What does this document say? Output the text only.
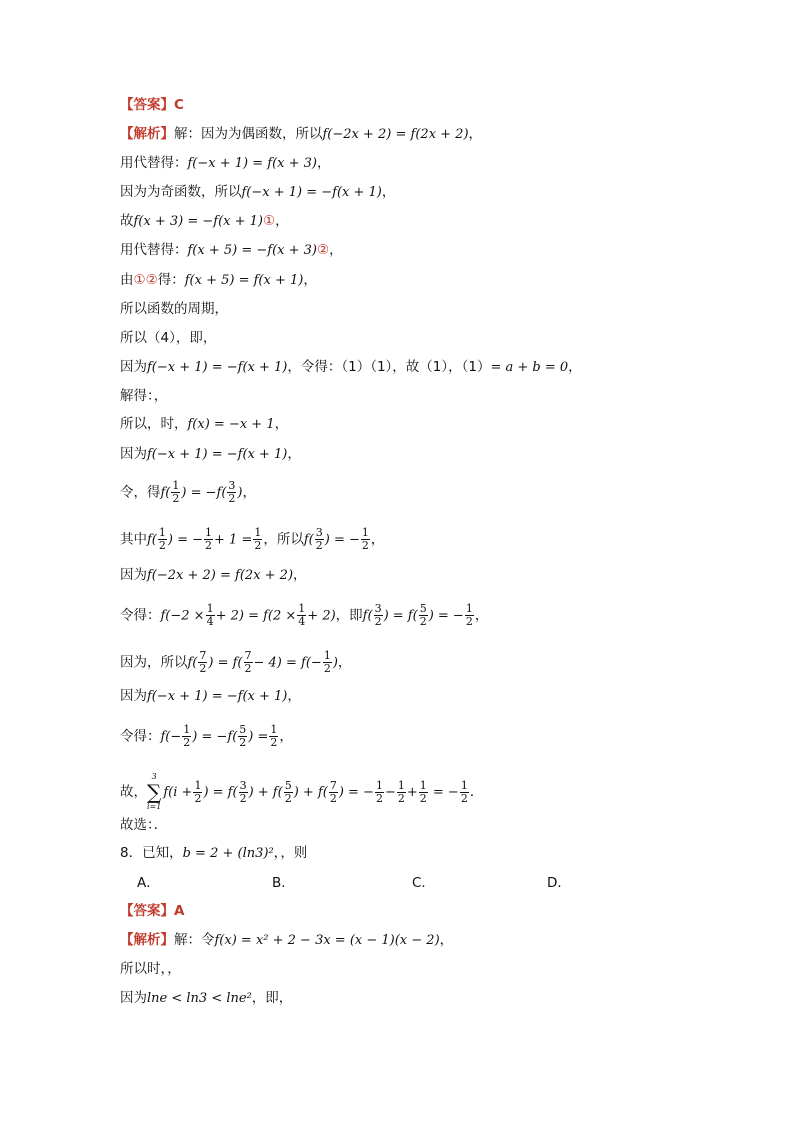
【答案】C
【解析】解：因为为偶函数，所以f(−2x + 2) = f(2x + 2)，
用代替得：f(−x + 1) = f(x + 3)，
因为为奇函数，所以f(−x + 1) = −f(x + 1)，
故f(x + 3) = −f(x + 1)①，
用代替得：f(x + 5) = −f(x + 3)②，
由①②得：f(x + 5) = f(x + 1)，
所以函数的周期，
所以（4），即，
因为f(−x + 1) = −f(x + 1)，令得：（1）（1），故（1），（1）= a + b = 0，
解得：，
所以，时，f(x) = −x + 1，
因为f(−x + 1) = −f(x + 1)，
令，得$f( \frac{1}{2}$ ) = $-f( \frac{3}{2}$ )，
其中$f( \frac{1}{2}$ ) = − $\frac{1}{2} + 1 = \frac{1}{2}$ ，所以$f( \frac{3}{2}$ ) = − $\frac{1}{2}$ ，
因为f(−2x + 2) = f(2x + 2)，
令得：$f(-2 \times \frac{1}{4} + 2) = f(2 \times \frac{1}{4} + 2)$，即$f( \frac{3}{2}$ ) = $f( \frac{5}{2}$ ) = − $\frac{1}{2}$ ，
因为，所以$f( \frac{7}{2}$ ) = $f( \frac{7}{2} - 4) = f(- \frac{1}{2}$ )，
因为f(−x + 1) = −f(x + 1)，
令得：$f(- \frac{1}{2}$ ) = $-f( \frac{5}{2}$ ) = $\frac{1}{2}$ ，
故，
3
∑
i=1
$f(i + \frac{1}{2}$ ) = $f( \frac{3}{2}$ ) + $f( \frac{5}{2}$ ) + $f( \frac{7}{2}$ ) = − $\frac{1}{2} - \frac{1}{2} + \frac{1}{2}$ = − $\frac{1}{2}$ ．
故选：．
8．已知，b = 2 + (ln3)²，，则
A．	B．	C．	D．
【答案】A
【解析】解：令f(x) = x² + 2 − 3x = (x − 1)(x − 2)，
所以时，，
因为lne < ln3 < lne²，即，
